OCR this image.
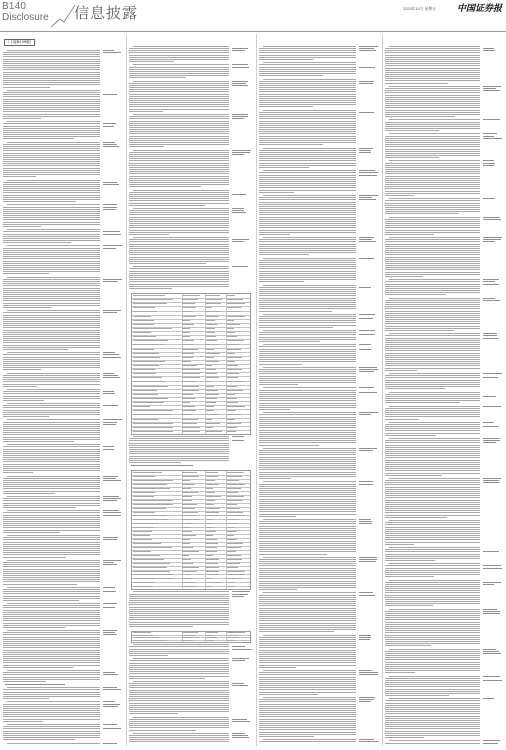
B140
Disclosure 信息披露	2020年10月 星期五 中国证券报
（上接B139版）
